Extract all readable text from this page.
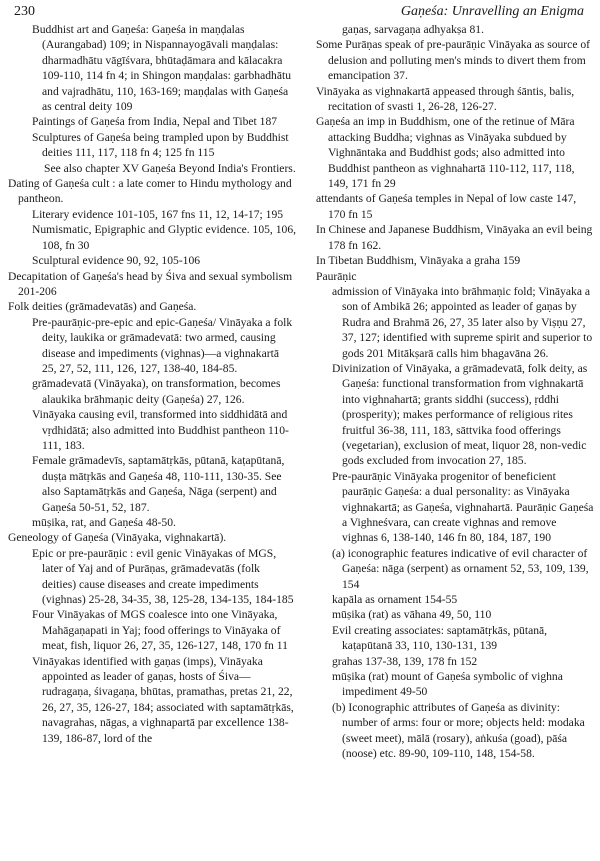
230	Gaṇeśa: Unravelling an Enigma

Buddhist art and Gaṇeśa: Gaṇeśa in maṇḍalas (Aurangabad) 109; in Nispannayogāvali maṇḍalas: dharmadhātu vāgīśvara, bhūtaḍāmara and kālacakra 109-110, 114 fn 4; in Shingon maṇḍalas: garbhadhātu and vajradhātu, 110, 163-169; maṇḍalas with Gaṇeśa as central deity 109

Paintings of Gaṇeśa from India, Nepal and Tibet 187

Sculptures of Gaṇeśa being trampled upon by Buddhist deities 111, 117, 118 fn 4; 125 fn 115

See also chapter XV Gaṇeśa Beyond India's Frontiers.

Dating of Gaṇeśa cult : a late comer to Hindu mythology and pantheon.

Literary evidence 101-105, 167 fns 11, 12, 14-17; 195

Numismatic, Epigraphic and Glyptic evidence. 105, 106, 108, fn 30

Sculptural evidence 90, 92, 105-106

Decapitation of Gaṇeśa's head by Śiva and sexual symbolism 201-206

Folk deities (grāmadevatās) and Gaṇeśa.

Pre-paurāṇic-pre-epic and epic-Gaṇeśa/ Vināyaka a folk deity, laukika or grāmadevatā: two armed, causing disease and impediments (vighnas)—a vighnakartā 25, 27, 52, 111, 126, 127, 138-40, 184-85.

grāmadevatā (Vināyaka), on transformation, becomes alaukika brāhmaṇic deity (Gaṇeśa) 27, 126.

Vināyaka causing evil, transformed into siddhidātā and vṛdhidātā; also admitted into Buddhist pantheon 110-111, 183.

Female grāmadevīs, saptamātṛkās, pūtanā, kaṭapūtanā, duṣṭa mātṛkās and Gaṇeśa 48, 110-111, 130-35. See also Saptamātṛkās and Gaṇeśa, Nāga (serpent) and Gaṇeśa 50-51, 52, 187.

mūṣika, rat, and Gaṇeśa 48-50.

Geneology of Gaṇeśa (Vināyaka, vighnakartā).

Epic or pre-paurāṇic : evil genic Vināyakas of MGS, later of Yaj and of Purāṇas, grāmadevatās (folk deities) cause diseases and create impediments (vighnas) 25-28, 34-35, 38, 125-28, 134-135, 184-185

Four Vināyakas of MGS coalesce into one Vināyaka, Mahāgaṇapati in Yaj; food offerings to Vināyaka of meat, fish, liquor 26, 27, 35, 126-127, 148, 170 fn 11

Vināyakas identified with gaṇas (imps), Vināyaka appointed as leader of gaṇas, hosts of Śiva—rudragaṇa, śivagaṇa, bhūtas, pramathas, pretas 21, 22, 26, 27, 35, 126-27, 184; associated with saptamātṛkās, navagrahas, nāgas, a vighnapartā par excellence 138-139, 186-87, lord of the

gaṇas, sarvagaṇa adhyakṣa 81.

Some Purāṇas speak of pre-paurāṇic Vināyaka as source of delusion and polluting men's minds to divert them from emancipation 37.

Vināyaka as vighnakartā appeased through śāntis, balis, recitation of svasti 1, 26-28, 126-27.

Gaṇeśa an imp in Buddhism, one of the retinue of Māra attacking Buddha; vighnas as Vināyaka subdued by Vighnāntaka and Buddhist gods; also admitted into Buddhist pantheon as vighnahartā 110-112, 117, 118, 149, 171 fn 29

attendants of Gaṇeśa temples in Nepal of low caste 147, 170 fn 15

In Chinese and Japanese Buddhism, Vināyaka an evil being 178 fn 162.

In Tibetan Buddhism, Vināyaka a graha 159

Paurāṇic

admission of Vināyaka into brāhmaṇic fold; Vināyaka a son of Ambikā 26; appointed as leader of gaṇas by Rudra and Brahmā 26, 27, 35 later also by Viṣṇu 27, 37, 127; identified with supreme spirit and superior to gods 201 Mitākṣarā calls him bhagavāna 26.

Divinization of Vināyaka, a grāmadevatā, folk deity, as Gaṇeśa: functional transformation from vighnakartā into vighnahartā; grants siddhi (success), ṛddhi (prosperity); makes performance of religious rites fruitful 36-38, 111, 183, sāttvika food offerings (vegetarian), exclusion of meat, liquor 28, non-vedic gods excluded from invocation 27, 185.

Pre-paurāṇic Vināyaka progenitor of beneficient paurāṇic Gaṇeśa: a dual personality: as Vināyaka vighnakartā; as Gaṇeśa, vighnahartā. Paurāṇic Gaṇeśa a Vighneśvara, can create vighnas and remove vighnas 6, 138-140, 146 fn 80, 184, 187, 190

(a) iconographic features indicative of evil character of Gaṇeśa: nāga (serpent) as ornament 52, 53, 109, 139, 154

kapāla as ornament 154-55

mūṣika (rat) as vāhana 49, 50, 110

Evil creating associates: saptamātṛkās, pūtanā, kaṭapūtanā 33, 110, 130-131, 139

grahas 137-38, 139, 178 fn 152

mūṣika (rat) mount of Gaṇeśa symbolic of vighna impediment 49-50

(b) Iconographic attributes of Gaṇeśa as divinity: number of arms: four or more; objects held: modaka (sweet meet), mālā (rosary), aṅkuśa (goad), pāśa (noose) etc. 89-90, 109-110, 148, 154-58.
